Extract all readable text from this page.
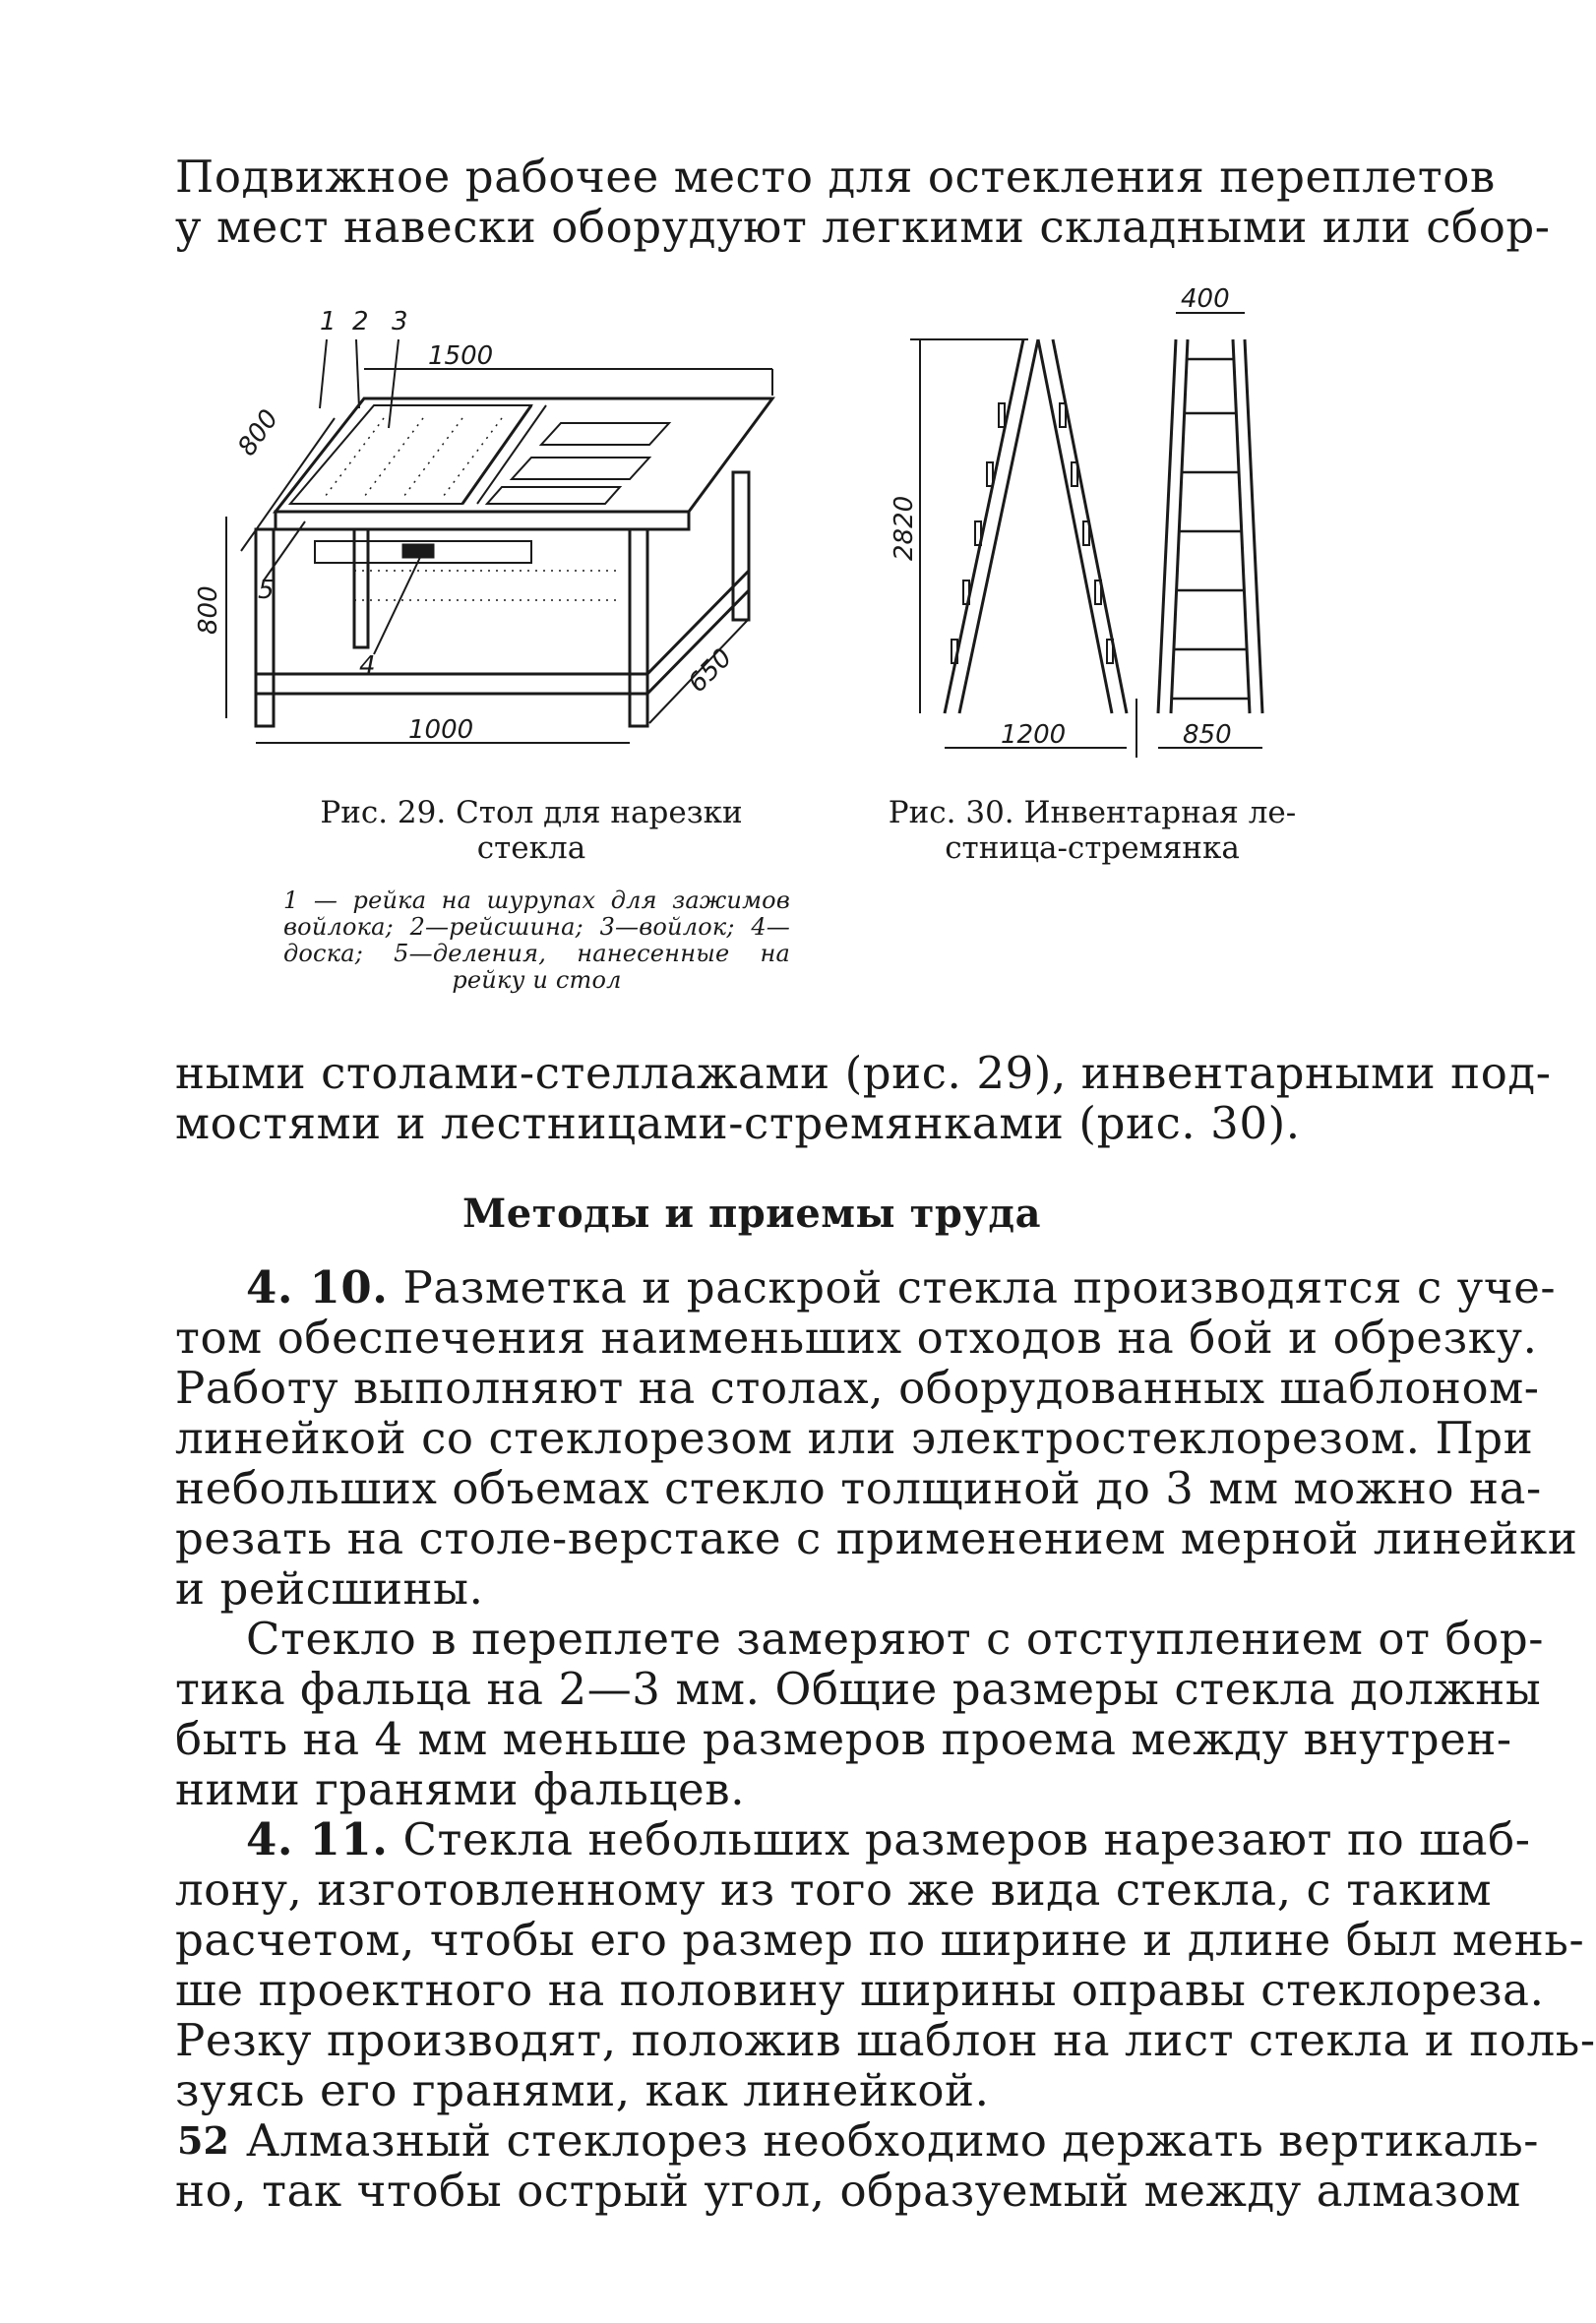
Подвижное рабочее место для остекления переплетов
у мест навески оборудуют легкими складными или сбор-
1 2 3
4
5
1500
800
800
650
1000
400
2820
1200	850
Рис. 29. Стол для нарезки
стекла
Рис. 30. Инвентарная ле-
стница-стремянка
1 — рейка на шурупах для зажимов
войлока; 2—рейсшина; 3—войлок; 4—
доска; 5—деления, нанесенные на
рейку и стол
ными столами-стеллажами (рис. 29), инвентарными под-
мостями и лестницами-стремянками (рис. 30).
Методы и приемы труда
4. 10. Разметка и раскрой стекла производятся с уче-
том обеспечения наименьших отходов на бой и обрезку.
Работу выполняют на столах, оборудованных шаблоном-
линейкой со стеклорезом или электростеклорезом. При
небольших объемах стекло толщиной до 3 мм можно на-
резать на столе-верстаке с применением мерной линейки
и рейсшины.
Стекло в переплете замеряют с отступлением от бор-
тика фальца на 2—3 мм. Общие размеры стекла должны
быть на 4 мм меньше размеров проема между внутрен-
ними гранями фальцев.
4. 11. Стекла небольших размеров нарезают по шаб-
лону, изготовленному из того же вида стекла, с таким
расчетом, чтобы его размер по ширине и длине был мень-
ше проектного на половину ширины оправы стеклореза.
Резку производят, положив шаблон на лист стекла и поль-
зуясь его гранями, как линейкой.
Алмазный стеклорез необходимо держать вертикаль-
но, так чтобы острый угол, образуемый между алмазом
52
